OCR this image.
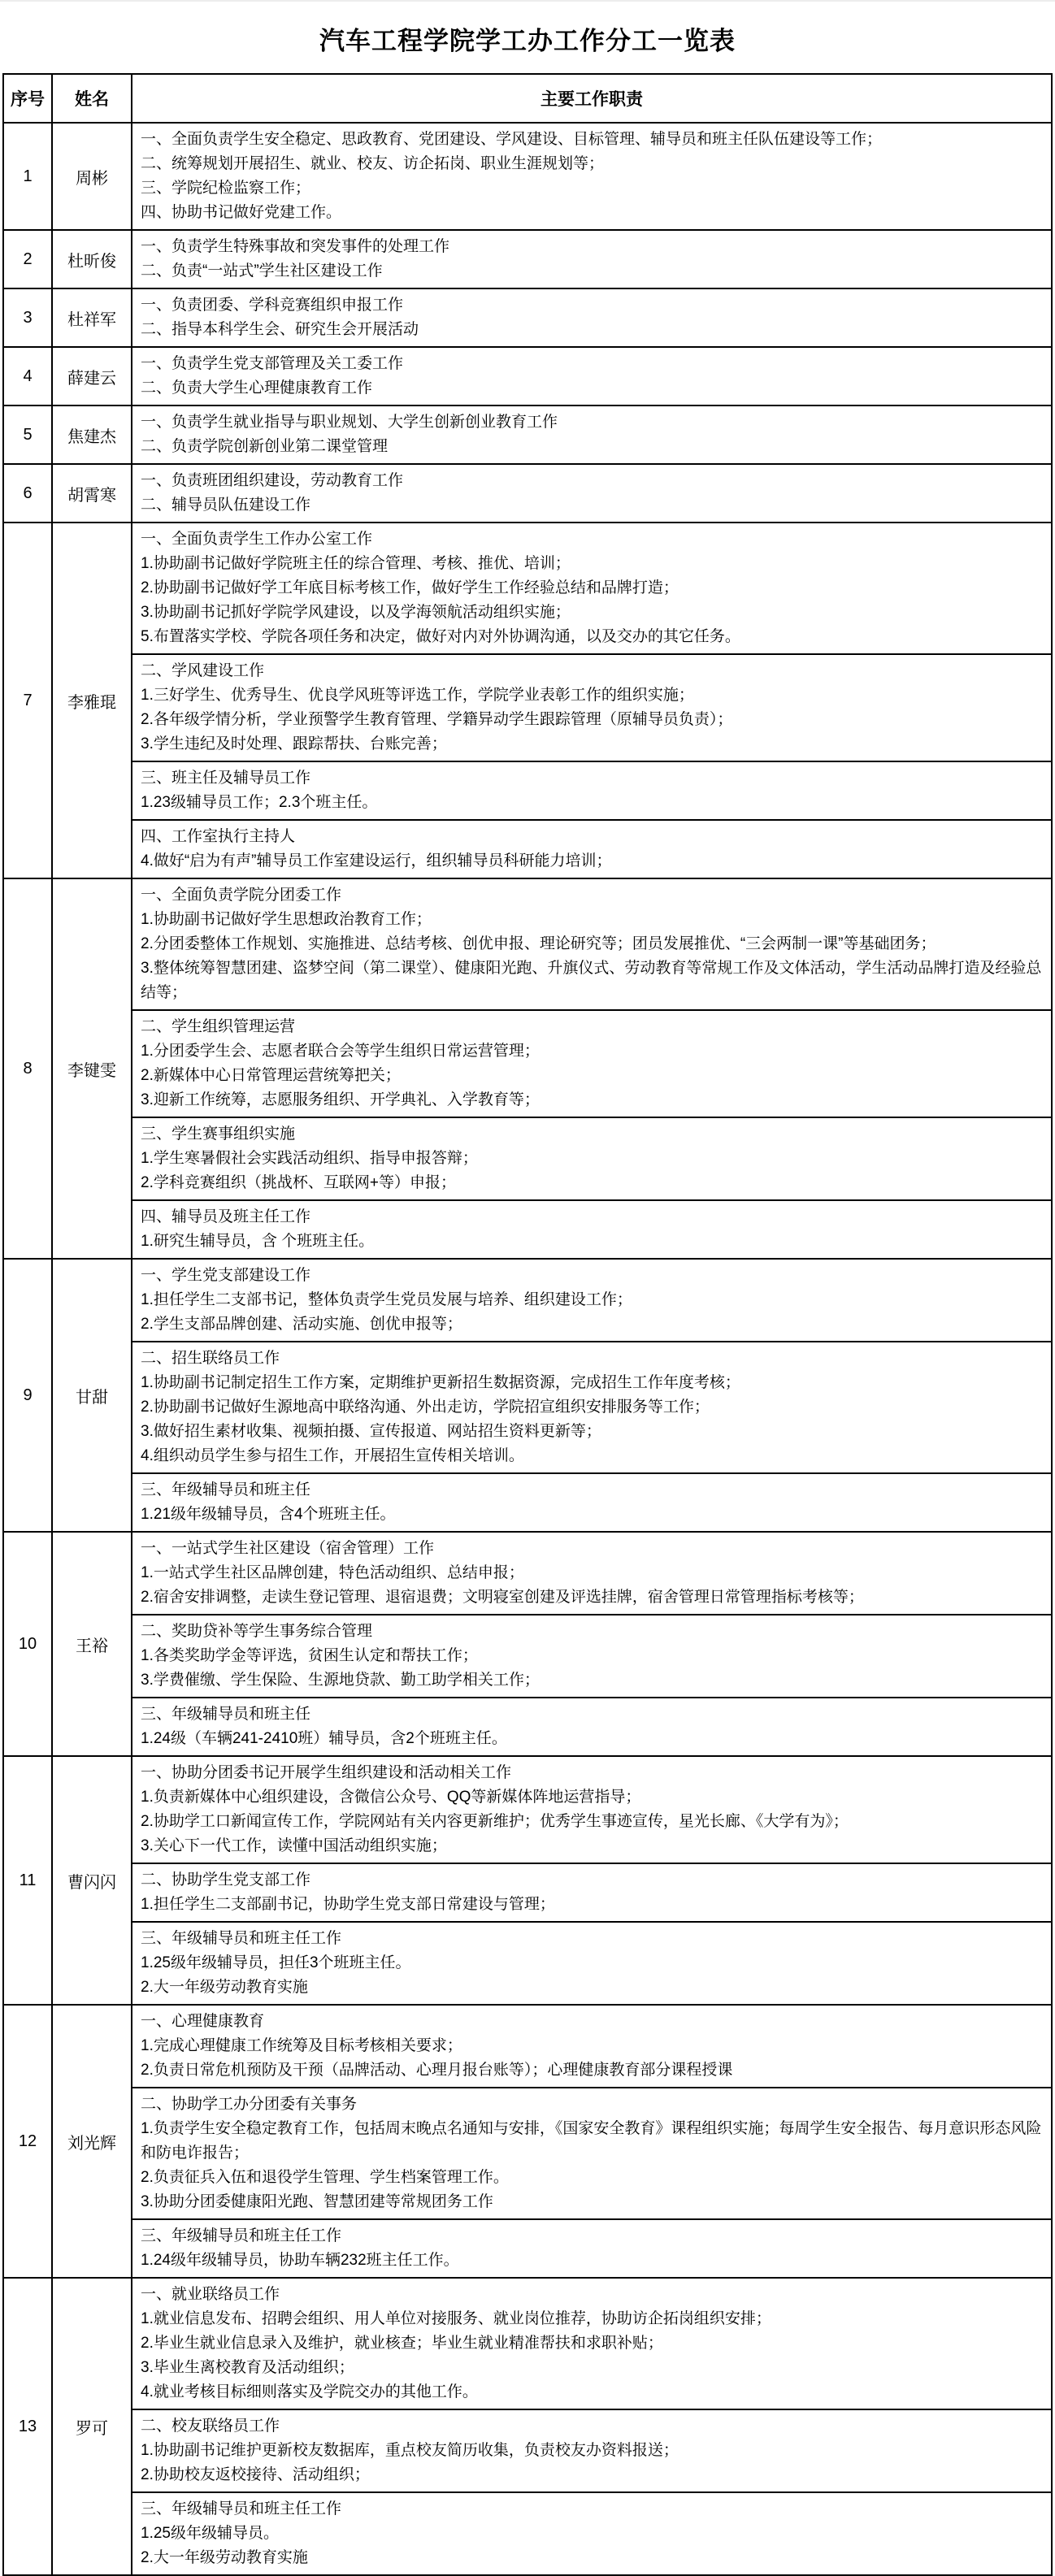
汽车工程学院学工办工作分工一览表
序号	姓名	主要工作职责
1	周彬	一、全面负责学生安全稳定、思政教育、党团建设、学风建设、目标管理、辅导员和班主任队伍建设等工作；
二、统筹规划开展招生、就业、校友、访企拓岗、职业生涯规划等；
三、学院纪检监察工作；
四、协助书记做好党建工作。

2	杜昕俊	一、负责学生特殊事故和突发事件的处理工作
二、负责“一站式”学生社区建设工作

3	杜祥军	一、负责团委、学科竞赛组织申报工作
二、指导本科学生会、研究生会开展活动

4	薛建云	一、负责学生党支部管理及关工委工作
二、负责大学生心理健康教育工作

5	焦建杰	一、负责学生就业指导与职业规划、大学生创新创业教育工作
二、负责学院创新创业第二课堂管理

6	胡霄寒	一、负责班团组织建设，劳动教育工作
二、辅导员队伍建设工作

7	李雅琨	
一、全面负责学生工作办公室工作
1.协助副书记做好学院班主任的综合管理、考核、推优、培训；
2.协助副书记做好学工年底目标考核工作，做好学生工作经验总结和品牌打造；
3.协助副书记抓好学院学风建设，以及学海领航活动组织实施；
5.布置落实学校、学院各项任务和决定，做好对内对外协调沟通，以及交办的其它任务。
二、学风建设工作
1.三好学生、优秀导生、优良学风班等评选工作，学院学业表彰工作的组织实施；
2.各年级学情分析，学业预警学生教育管理、学籍异动学生跟踪管理（原辅导员负责）；
3.学生违纪及时处理、跟踪帮扶、台账完善；
三、班主任及辅导员工作
1.23级辅导员工作；2.3个班主任。
四、工作室执行主持人
4.做好“启为有声”辅导员工作室建设运行，组织辅导员科研能力培训；

8	李键雯	
一、全面负责学院分团委工作
1.协助副书记做好学生思想政治教育工作；
2.分团委整体工作规划、实施推进、总结考核、创优申报、理论研究等；团员发展推优、“三会两制一课”等基础团务；
3.整体统筹智慧团建、盗梦空间（第二课堂）、健康阳光跑、升旗仪式、劳动教育等常规工作及文体活动，学生活动品牌打造及经验总结等；
二、学生组织管理运营
1.分团委学生会、志愿者联合会等学生组织日常运营管理；
2.新媒体中心日常管理运营统筹把关；
3.迎新工作统筹，志愿服务组织、开学典礼、入学教育等；
三、学生赛事组织实施
1.学生寒暑假社会实践活动组织、指导申报答辩；
2.学科竞赛组织（挑战杯、互联网+等）申报；
四、辅导员及班主任工作
1.研究生辅导员，含 个班班主任。

9	甘甜	
一、学生党支部建设工作
1.担任学生二支部书记，整体负责学生党员发展与培养、组织建设工作；
2.学生支部品牌创建、活动实施、创优申报等；
二、招生联络员工作
1.协助副书记制定招生工作方案，定期维护更新招生数据资源，完成招生工作年度考核；
2.协助副书记做好生源地高中联络沟通、外出走访，学院招宣组织安排服务等工作；
3.做好招生素材收集、视频拍摄、宣传报道、网站招生资料更新等；
4.组织动员学生参与招生工作，开展招生宣传相关培训。
三、年级辅导员和班主任
1.21级年级辅导员，含4个班班主任。

10	王裕	
一、一站式学生社区建设（宿舍管理）工作
1.一站式学生社区品牌创建，特色活动组织、总结申报；
2.宿舍安排调整，走读生登记管理、退宿退费；文明寝室创建及评选挂牌，宿舍管理日常管理指标考核等；
二、奖助贷补等学生事务综合管理
1.各类奖助学金等评选，贫困生认定和帮扶工作；
3.学费催缴、学生保险、生源地贷款、勤工助学相关工作；
三、年级辅导员和班主任
1.24级（车辆241-2410班）辅导员，含2个班班主任。

11	曹闪闪	
一、协助分团委书记开展学生组织建设和活动相关工作
1.负责新媒体中心组织建设，含微信公众号、QQ等新媒体阵地运营指导；
2.协助学工口新闻宣传工作，学院网站有关内容更新维护；优秀学生事迹宣传，星光长廊、《大学有为》；
3.关心下一代工作，读懂中国活动组织实施；
二、协助学生党支部工作
1.担任学生二支部副书记，协助学生党支部日常建设与管理；
三、年级辅导员和班主任工作
1.25级年级辅导员，担任3个班班主任。
2.大一年级劳动教育实施

12	刘光辉	
一、心理健康教育
1.完成心理健康工作统筹及目标考核相关要求；
2.负责日常危机预防及干预（品牌活动、心理月报台账等）；心理健康教育部分课程授课
二、协助学工办分团委有关事务
1.负责学生安全稳定教育工作，包括周末晚点名通知与安排，《国家安全教育》课程组织实施；每周学生安全报告、每月意识形态风险和防电诈报告；
2.负责征兵入伍和退役学生管理、学生档案管理工作。
3.协助分团委健康阳光跑、智慧团建等常规团务工作
三、年级辅导员和班主任工作
1.24级年级辅导员，协助车辆232班主任工作。

13	罗可	
一、就业联络员工作
1.就业信息发布、招聘会组织、用人单位对接服务、就业岗位推荐，协助访企拓岗组织安排；
2.毕业生就业信息录入及维护，就业核查；毕业生就业精准帮扶和求职补贴；
3.毕业生离校教育及活动组织；
4.就业考核目标细则落实及学院交办的其他工作。
二、校友联络员工作
1.协助副书记维护更新校友数据库，重点校友简历收集，负责校友办资料报送；
2.协助校友返校接待、活动组织；
三、年级辅导员和班主任工作
1.25级年级辅导员。
2.大一年级劳动教育实施
